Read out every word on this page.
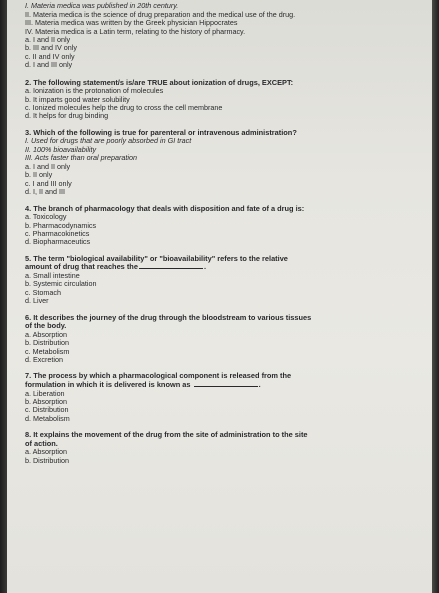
I. Materia medica was published in 20th century.

II. Materia medica is the science of drug preparation and the medical use of the drug.

III. Materia medica was written by the Greek physician Hippocrates

IV. Materia medica is a Latin term, relating to the history of pharmacy.

a. I and II only

b. III and IV only

c. II and IV only

d. I and III only

2. The following statement/s is/are TRUE about ionization of drugs, EXCEPT:

a. Ionization is the protonation of molecules

b. It imparts good water solubility

c. Ionized molecules help the drug to cross the cell membrane

d. It helps for drug binding

3. Which of the following is true for parenteral or intravenous administration?

I. Used for drugs that are poorly absorbed in GI tract

II. 100% bioavailability

III. Acts faster than oral preparation

a. I and II only

b. II only

c. I and III only

d. I, II and III

4. The branch of pharmacology that deals with disposition and fate of a drug is:

a. Toxicology

b. Pharmacodynamics

c. Pharmacokinetics

d. Biopharmaceutics

5. The term "biological availability" or "bioavailability" refers to the relative

amount of drug that reaches the	.

a. Small intestine

b. Systemic circulation

c. Stomach

d. Liver

6. It describes the journey of the drug through the bloodstream to various tissues

of the body.

a. Absorption

b. Distribution

c. Metabolism

d. Excretion

7. The process by which a pharmacological component is released from the

formulation in which it is delivered is known as	.

a. Liberation

b. Absorption

c. Distribution

d. Metabolism

8. It explains the movement of the drug from the site of administration to the site

of action.

a. Absorption

b. Distribution
